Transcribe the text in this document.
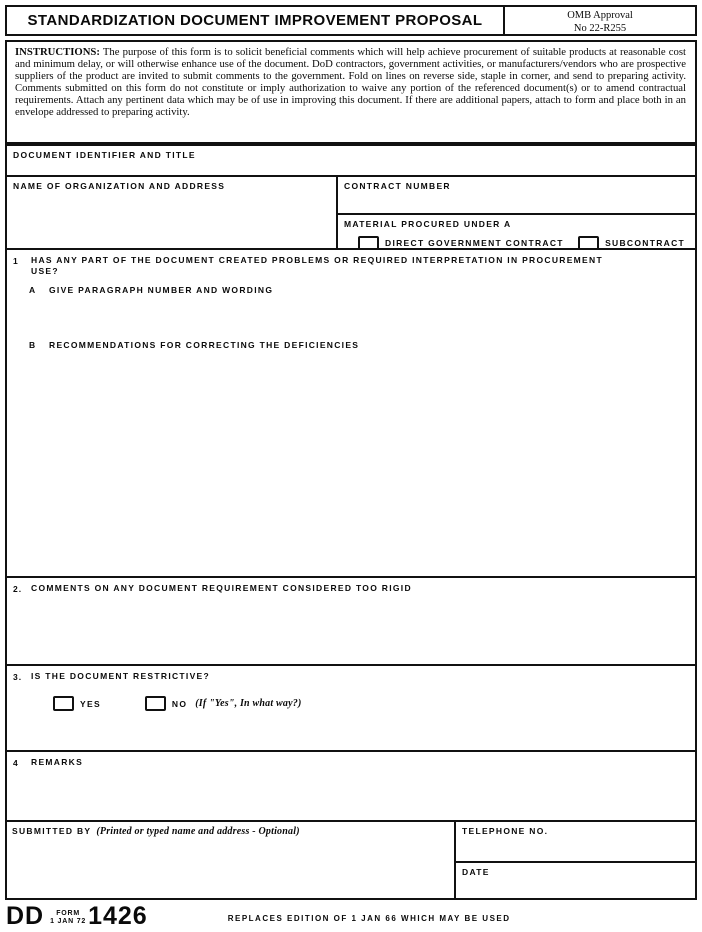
STANDARDIZATION DOCUMENT IMPROVEMENT PROPOSAL	OMB Approval
No 22-R255
INSTRUCTIONS: The purpose of this form is to solicit beneficial comments which will help achieve procurement of suitable products at reasonable cost and minimum delay, or will otherwise enhance use of the document. DoD contractors, government activities, or manufacturers/vendors who are prospective suppliers of the product are invited to submit comments to the government. Fold on lines on reverse side, staple in corner, and send to preparing activity. Comments submitted on this form do not constitute or imply authorization to waive any portion of the referenced document(s) or to amend contractual requirements. Attach any pertinent data which may be of use in improving this document. If there are additional papers, attach to form and place both in an envelope addressed to preparing activity.
DOCUMENT IDENTIFIER AND TITLE
NAME OF ORGANIZATION AND ADDRESS	CONTRACT NUMBER
MATERIAL PROCURED UNDER A
DIRECT GOVERNMENT CONTRACT	SUBCONTRACT
1	HAS ANY PART OF THE DOCUMENT CREATED PROBLEMS OR REQUIRED INTERPRETATION IN PROCUREMENT
USE?
A	GIVE PARAGRAPH NUMBER AND WORDING
B	RECOMMENDATIONS FOR CORRECTING THE DEFICIENCIES
2.	COMMENTS ON ANY DOCUMENT REQUIREMENT CONSIDERED TOO RIGID
3.	IS THE DOCUMENT RESTRICTIVE?
YES	NO (If "Yes", In what way?)
4	REMARKS
SUBMITTED BY (Printed or typed name and address - Optional)	TELEPHONE NO.
DATE
DD FORM
1 JAN 72 1426	REPLACES EDITION OF 1 JAN 66 WHICH MAY BE USED
